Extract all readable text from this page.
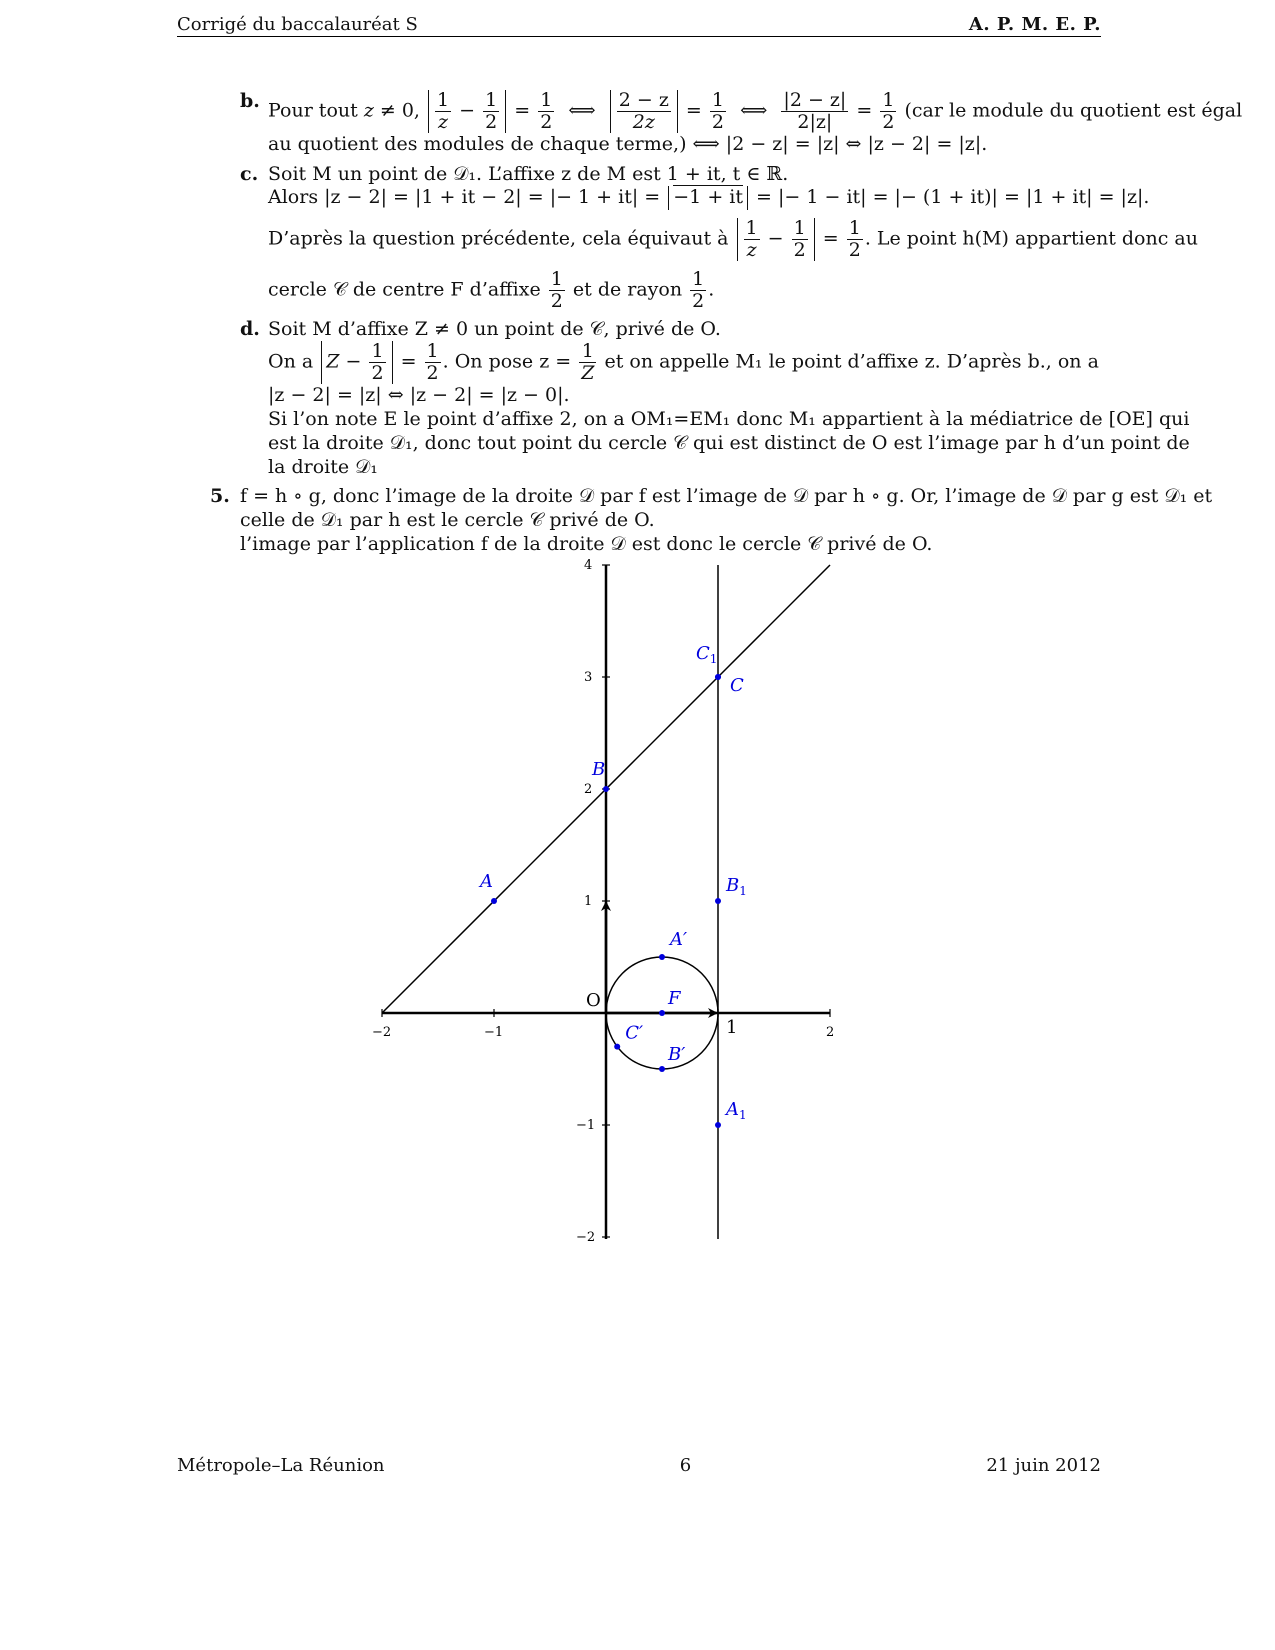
Corrigé du baccalauréat S	A. P. M. E. P.
b. Pour tout z ≠ 0, $\frac{1}{z} - \frac{1}{2} = \frac{1}{2}$ ⟺ $\frac{2 - z}{2z} = \frac{1}{2}$ ⟺ $\frac{|2 - z|}{2|z|} = \frac{1}{2} (car$ le module du quotient est égal
au quotient des modules de chaque terme,) ⟺ |2 − z| = |z| ⇔ |z − 2| = |z|.
c. Soit M un point de 𝒟₁. L’affixe z de M est 1 + it, t ∈ ℝ.
Alors |z − 2| = |1 + it − 2| = |− 1 + it| = −1 + it = |− 1 − it| = |− (1 + it)| = |1 + it| = |z|.
D’après la question précédente, cela équivaut à $\frac{1}{z} - \frac{1}{2} = \frac{1}{2}$ . Le point h(M) appartient donc au
cercle 𝒞 de centre F d’affixe $\frac{1}{2}$ et de rayon $\frac{1}{2}$ .
d. Soit M d’affixe Z ≠ 0 un point de 𝒞, privé de O.
On a $Z - \frac{1}{2} = \frac{1}{2}$ . On pose $z = \frac{1}{Z}$ et on appelle M₁ le point d’affixe z. D’après b., on a
|z − 2| = |z| ⇔ |z − 2| = |z − 0|.
Si l’on note E le point d’affixe 2, on a OM₁=EM₁ donc M₁ appartient à la médiatrice de [OE] qui
est la droite 𝒟₁, donc tout point du cercle 𝒞 qui est distinct de O est l’image par h d’un point de
la droite 𝒟₁
5. f = h ∘ g, donc l’image de la droite 𝒟 par f est l’image de 𝒟 par h ∘ g. Or, l’image de 𝒟 par g est 𝒟₁ et
celle de 𝒟₁ par h est le cercle 𝒞 privé de O.
l’image par l’application f de la droite 𝒟 est donc le cercle 𝒞 privé de O.
−2	−1	2
4
3
2
1
−1
−2
O
1
A
B
C
$C_1$
$B_1$
$A_1$
A′
F
B′
C′
Métropole–La Réunion	6	21 juin 2012
